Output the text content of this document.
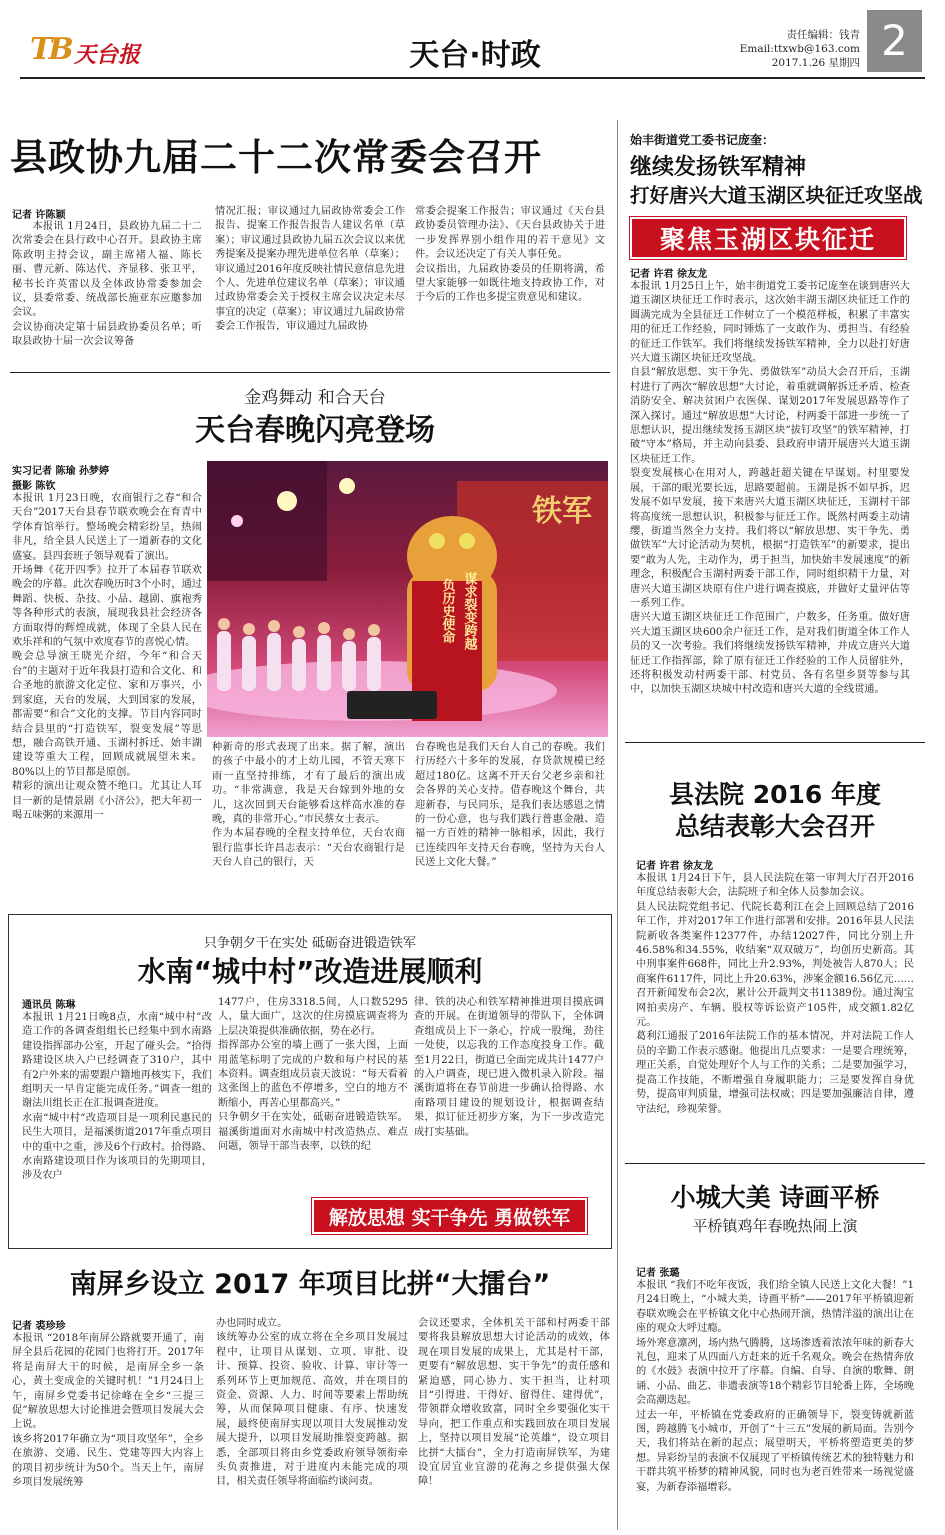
TB 天台报	天台·时政
责任编辑：钱青
Email:ttxwb@163.com
2017.1.26 星期四 2
县政协九届二十二次常委会召开
记者 许陈颖
本报讯 1月24日，县政协九届二十二次常委会在县行政中心召开。县政协主席陈政明主持会议，副主席褚人福、陈长丽、曹元新、陈达代、齐显移、张卫平，秘书长许英雷以及全体政协常委参加会议，县委常委、统战部长施亚东应邀参加会议。
会议协商决定第十届县政协委员名单；听取县政协十届一次会议筹备
情况汇报；审议通过九届政协常委会工作报告、提案工作报告报告人建议名单（草案）；审议通过县政协九届五次会议以来优秀提案及提案办理先进单位名单（草案）；审议通过2016年度反映社情民意信息先进个人、先进单位建议名单（草案）；审议通过政协常委会关于授权主席会议决定未尽事宜的决定（草案）；审议通过九届政协常委会工作报告，审议通过九届政协
常委会提案工作报告；审议通过《天台县政协委员管理办法》、《天台县政协关于进一步发挥界别小组作用的若干意见》文件。会议还决定了有关人事任免。
会议指出，九届政协委员的任期将满，希望大家能够一如既往地支持政协工作，对于今后的工作也多提宝贵意见和建议。
金鸡舞动 和合天台
天台春晚闪亮登场
实习记者 陈瑜 孙梦婷
摄影 陈钦
本报讯 1月23日晚，农商银行之春“和合天台”2017天台县春节联欢晚会在育青中学体育馆举行。整场晚会精彩纷呈，热闹非凡，给全县人民送上了一道新春的文化盛宴。县四套班子领导观看了演出。
开场舞《花开四季》拉开了本届春节联欢晚会的序幕。此次春晚历时3个小时，通过舞蹈、快板、杂技、小品、越剧、旗袍秀等各种形式的表演，展现我县社会经济各方面取得的辉煌成就，体现了全县人民在欢乐祥和的气氛中欢度春节的喜悦心情。
晚会总导演王晓光介绍，今年“和合天台”的主题对于近年我县打造和合文化、和合圣地的旅游文化定位、家和万事兴，小到家庭，天台的发展，大到国家的发展，都需要“和合”文化的支撑。节目内容同时结合县里的“打造铁军，裂变发展”等思想，融合高铁开通、玉湖村拆迁、始丰湖建设等重大工程，回顾成就展望未来。80%以上的节目都是原创。
精彩的演出让观众赞不绝口。尤其让人耳目一新的是情景剧《小济公》，把大年初一喝五味粥的来源用一
负历史使命 谋求裂变跨越
铁军
种新奇的形式表现了出来。据了解，演出的孩子中最小的才上幼儿园，不管天寒下雨一直坚持排练，才有了最后的演出成功。“非常满意，我是天台嫁到外地的女儿，这次回到天台能够看这样高水准的春晚，真的非常开心。”市民蔡女士表示。
作为本届春晚的全程支持单位，天台农商银行监事长许昌志表示：“天台农商银行是天台人自己的银行，天
台春晚也是我们天台人自己的春晚。我们行历经六十多年的发展，存贷款规模已经超过180亿。这离不开天台父老乡亲和社会各界的关心支持。借春晚这个舞台，共迎新春，与民同乐，是我们表达感恩之情的一份心意，也与我们践行普惠金融、造福一方百姓的精神一脉相承，因此，我行已连续四年支持天台春晚，坚持为天台人民送上文化大餐。”
只争朝夕干在实处 砥砺奋进锻造铁军
水南“城中村”改造进展顺利
通讯员 陈琳
本报讯 1月21日晚8点，水南“城中村”改造工作的各调查组组长已经集中到水南路建设指挥部办公室，开起了碰头会。“拾得路建设区块入户已经调查了310户，其中有2户外来的需要跟户籍地再核实下，我们组明天一早肯定能完成任务。”调查一组的谢法川组长正在汇报调查进度。
水南“城中村”改造项目是一项利民惠民的民生大项目，是福溪街道2017年重点项目中的重中之重，涉及6个行政村。拾得路、水南路建设项目作为该项目的先期项目，涉及农户
1477户，住房3318.5间，人口数5295人，量大面广，这次的住房摸底调查将为上层决策提供准确依据，势在必行。
指挥部办公室的墙上画了一张大图，上面用蓝笔标明了完成的户数和每户村民的基本资料。调查组成员袁天波说：“每天看着这张图上的蓝色不停增多，空白的地方不断缩小，再苦心里都高兴。”
只争朝夕干在实处，砥砺奋进锻造铁军。福溪街道面对水南城中村改造热点、难点问题，领导干部当表率，以铁的纪
律、铁的决心和铁军精神推进项目摸底调查的开展。在街道领导的带队下，全体调查组成员上下一条心，拧成一股绳，劲往一处使，以忘我的工作态度投身工作。截至1月22日，街道已全面完成共计1477户的入户调查，现已进入微机录入阶段。福溪街道将在春节前进一步确认拾得路、水南路项目建设的规划设计，根据调查结果，拟订征迁初步方案，为下一步改造完成打实基础。
解放思想 实干争先 勇做铁军
南屏乡设立 2017 年项目比拼“大擂台”
记者 裘珍珍
本报讯 “2018年南屏公路就要开通了，南屏全县后花园的花园门也将打开。2017年将是南屏大干的时候，是南屏全乡一条心，黄土变成金的关键时机！”1月24日上午，南屏乡党委书记徐峰在全乡“三提三促”解放思想大讨论推进会暨项目发展大会上说。
该乡将2017年确立为“项目攻坚年”，全乡在旅游、交通、民生、党建等四大内容上的项目初步统计为50个。当天上午，南屏乡项目发展统筹
办也同时成立。
该统筹办公室的成立将在全乡项目发展过程中，让项目从谋划、立项、审批、设计、预算、投资、验收、计算、审计等一系列环节上更加规范、高效，并在项目的资金、资源、人力、时间等要素上帮助统筹，从而保障项目健康、有序、快速发展，最终使南屏实现以项目大发展推动发展大提升，以项目发展助推裂变跨越。据悉，全部项目将由乡党委政府领导领衔牵头负责推进，对于进度内未能完成的项目，相关责任领导将面临约谈问责。
会议还要求，全体机关干部和村两委干部要将我县解放思想大讨论活动的成效，体现在项目发展的成果上，尤其是村干部，更要有“解放思想、实干争先”的责任感和紧迫感，同心协力、实干担当，让村项目“引得进、干得好、留得住、建得优”，带领群众增收致富，同时全乡要强化实干导向，把工作重点和实践回放在项目发展上，坚持以项目发展“论英雄”，设立项目比拼“大擂台”，全力打造南屏铁军，为建设宜居宜业宜游的花海之乡提供强大保障！
始丰街道党工委书记庞奎：
继续发扬铁军精神
打好唐兴大道玉湖区块征迁攻坚战
聚焦玉湖区块征迁
记者 许君 徐友龙
本报讯 1月25日上午，始丰街道党工委书记庞奎在谈到唐兴大道玉湖区块征迁工作时表示，这次始丰湖玉湖区块征迁工作的圆满完成为全县征迁工作树立了一个模范样板，积累了丰富实用的征迁工作经验，同时锤炼了一支敢作为、勇担当、有经验的征迁工作铁军。我们将继续发扬铁军精神，全力以赴打好唐兴大道玉湖区块征迁攻坚战。
自县“解放思想、实干争先、勇做铁军”动员大会召开后，玉湖村进行了两次“解放思想”大讨论，着重就调解拆迁矛盾、检查消防安全、解决贫困户衣医保、谋划2017年发展思路等作了深入探讨。通过“解放思想”大讨论，村两委干部进一步统一了思想认识，提出继续发扬玉湖区块“拔钉攻坚”的铁军精神，打破“守本”格局，并主动向县委、县政府申请开展唐兴大道玉湖区块征迁工作。
裂变发展核心在用对人，跨越赶超关键在早谋划。村里要发展，干部的眼光要长远，思路要超前。玉湖是拆不如早拆，迟发展不如早发展，接下来唐兴大道玉湖区块征迁，玉湖村干部将高度统一思想认识，积极参与征迁工作。既然村两委主动请缨，街道当然全力支持。我们将以“解放思想、实干争先、勇做铁军”大讨论活动为契机，根据“打造铁军”的新要求，提出要“敢为人先，主动作为，勇于担当，加快始丰发展速度”的新理念，积极配合玉湖村两委干部工作，同时组织精干力量，对唐兴大道玉湖区块原有住户进行调查摸底，并做好丈量评估等一系列工作。
唐兴大道玉湖区块征迁工作范围广，户数多，任务重。做好唐兴大道玉湖区块600余户征迁工作，是对我们街道全体工作人员的又一次考验。我们将继续发扬铁军精神，并成立唐兴大道征迁工作指挥部，除了原有征迁工作经验的工作人员留驻外，还将积极发动村两委干部、村党员、各有名望乡贤等参与其中，以加快玉湖区块城中村改造和唐兴大道的全线贯通。
县法院 2016 年度
总结表彰大会召开
记者 许君 徐友龙
本报讯 1月24日下午，县人民法院在第一审判大厅召开2016年度总结表彰大会，法院班子和全体人员参加会议。
县人民法院党组书记、代院长葛利江在会上回顾总结了2016年工作，并对2017年工作进行部署和安排。2016年县人民法院新收各类案件12377件，办结12027件，同比分别上升46.58%和34.55%，收结案“双双破万”，均创历史新高。其中刑事案件668件，同比上升2.93%，判处被告人870人；民商案件6117件，同比上升20.63%，涉案金额16.56亿元……召开新闻发布会2次，累计公开裁判文书11389份。通过淘宝网拍卖房产、车辆、股权等诉讼资产105件，成交额1.82亿元。
葛利江通报了2016年法院工作的基本情况，并对法院工作人员的辛勤工作表示感谢。他提出几点要求：一是要合理统筹，理正关系，自觉处理好个人与工作的关系；二是要加强学习，提高工作技能，不断增强自身履职能力；三是要发挥自身优势，提高审判质量，增强司法权威；四是要加强廉洁自律，遵守法纪，珍视荣誉。
小城大美 诗画平桥
平桥镇鸡年春晚热闹上演
记者 张璐
本报讯 “我们不吃年夜饭，我们给全镇人民送上文化大餐！”1月24日晚上，“小城大美，诗画平桥”——2017年平桥镇迎新春联欢晚会在平桥镇文化中心热闹开演，热情洋溢的演出让在座的观众大呼过瘾。
场外寒意凛冽，场内热气腾腾，这场渗透着浓浓年味的新春大礼包，迎来了从四面八方赶来的近千名观众。晚会在热情奔放的《水鼓》表演中拉开了序幕。自编、自导、自演的歌舞、朗诵、小品、曲艺、非遗表演等18个精彩节目轮番上阵，全场晚会高潮迭起。
过去一年，平桥镇在党委政府的正确领导下，裂变铸就新蓝图，跨越腾飞小城市，开创了“十三五”发展的新局面。告别今天，我们将站在新的起点；展望明天，平桥将塑造更美的梦想。异彩纷呈的表演不仅展现了平桥镇传统艺术的独特魅力和干群共筑平桥梦的精神风貌，同时也为老百姓带来一场视觉盛宴，为新春添福增彩。
